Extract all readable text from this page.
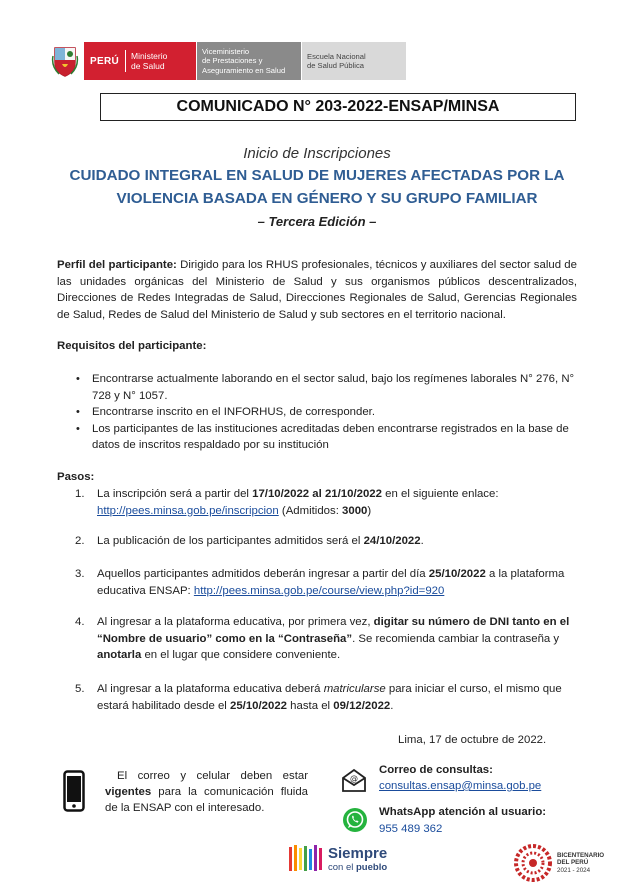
PERÚ	Ministerio
de Salud
Viceministerio
de Prestaciones y
Aseguramiento en Salud
Escuela Nacional
de Salud Pública
COMUNICADO N° 203-2022-ENSAP/MINSA
Inicio de Inscripciones
CUIDADO INTEGRAL EN SALUD DE MUJERES AFECTADAS POR LA
VIOLENCIA BASADA EN GÉNERO Y SU GRUPO FAMILIAR
– Tercera Edición –
Perfil del participante: Dirigido para los RHUS profesionales, técnicos y auxiliares del sector salud de las unidades orgánicas del Ministerio de Salud y sus organismos públicos descentralizados, Direcciones de Redes Integradas de Salud, Direcciones Regionales de Salud, Gerencias Regionales de Salud, Redes de Salud del Ministerio de Salud y sub sectores en el territorio nacional.
Requisitos del participante:
•	Encontrarse actualmente laborando en el sector salud, bajo los regímenes laborales N° 276, N° 728 y N° 1057.
•	Encontrarse inscrito en el INFORHUS, de corresponder.
•	Los participantes de las instituciones acreditadas deben encontrarse registrados en la base de datos de inscritos respaldado por su institución
Pasos:
1.	La inscripción será a partir del 17/10/2022 al 21/10/2022 en el siguiente enlace:
http://pees.minsa.gob.pe/inscripcion (Admitidos: 3000)
2.	La publicación de los participantes admitidos será el 24/10/2022.
3.	Aquellos participantes admitidos deberán ingresar a partir del día 25/10/2022 a la plataforma educativa ENSAP: http://pees.minsa.gob.pe/course/view.php?id=920
4.	Al ingresar a la plataforma educativa, por primera vez, digitar su número de DNI tanto en el “Nombre de usuario” como en la “Contraseña”. Se recomienda cambiar la contraseña y anotarla en el lugar que considere conveniente.
5.	Al ingresar a la plataforma educativa deberá matricularse para iniciar el curso, el mismo que estará habilitado desde el 25/10/2022 hasta el 09/12/2022.
Lima, 17 de octubre de 2022.
El correo y celular deben estar vigentes para la comunicación fluida de la ENSAP con el interesado.
@
Correo de consultas:
consultas.ensap@minsa.gob.pe
WhatsApp atención al usuario:
955 489 362
Siempre
con el pueblo
BICENTENARIO
DEL PERÚ
2021 - 2024
